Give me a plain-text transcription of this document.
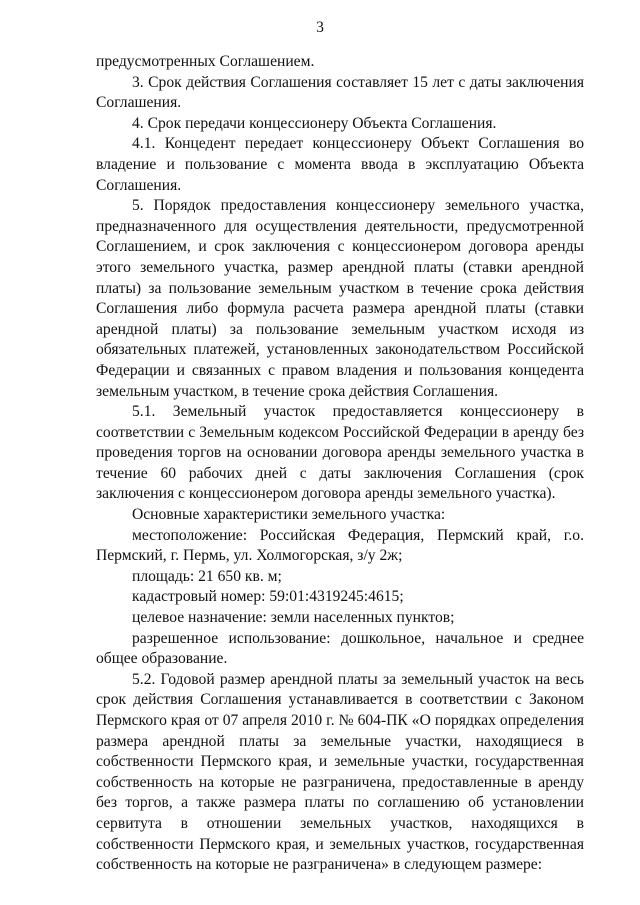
3

предусмотренных Соглашением.

3. Срок действия Соглашения составляет 15 лет с даты заключения Соглашения.

4. Срок передачи концессионеру Объекта Соглашения.

4.1. Концедент передает концессионеру Объект Соглашения во владение и пользование с момента ввода в эксплуатацию Объекта Соглашения.

5. Порядок предоставления концессионеру земельного участка, предназначенного для осуществления деятельности, предусмотренной Соглашением, и срок заключения с концессионером договора аренды этого земельного участка, размер арендной платы (ставки арендной платы) за пользование земельным участком в течение срока действия Соглашения либо формула расчета размера арендной платы (ставки арендной платы) за пользование земельным участком исходя из обязательных платежей, установленных законодательством Российской Федерации и связанных с правом владения и пользования концедента земельным участком, в течение срока действия Соглашения.

5.1. Земельный участок предоставляется концессионеру в соответствии с Земельным кодексом Российской Федерации в аренду без проведения торгов на основании договора аренды земельного участка в течение 60 рабочих дней с даты заключения Соглашения (срок заключения с концессионером договора аренды земельного участка).

Основные характеристики земельного участка:

местоположение: Российская Федерация, Пермский край, г.о. Пермский, г. Пермь, ул. Холмогорская, з/у 2ж;

площадь: 21 650 кв. м;

кадастровый номер: 59:01:4319245:4615;

целевое назначение: земли населенных пунктов;

разрешенное использование: дошкольное, начальное и среднее общее образование.

5.2. Годовой размер арендной платы за земельный участок на весь срок действия Соглашения устанавливается в соответствии с Законом Пермского края от 07 апреля 2010 г. № 604-ПК «О порядках определения размера арендной платы за земельные участки, находящиеся в собственности Пермского края, и земельные участки, государственная собственность на которые не разграничена, предоставленные в аренду без торгов, а также размера платы по соглашению об установлении сервитута в отношении земельных участков, находящихся в собственности Пермского края, и земельных участков, государственная собственность на которые не разграничена» в следующем размере:
